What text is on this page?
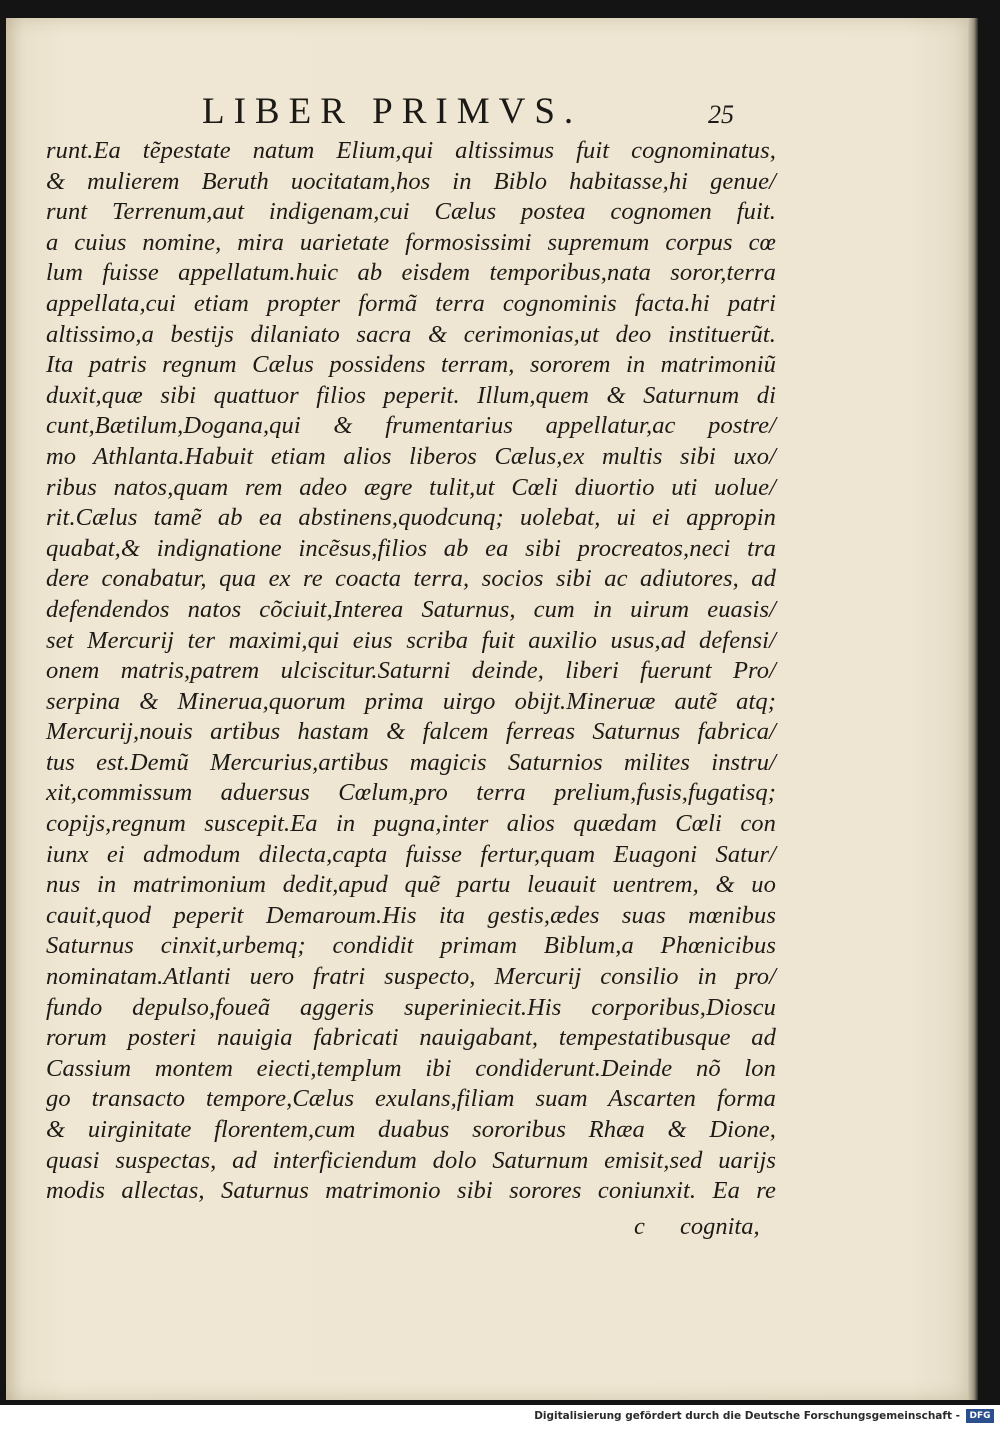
LIBER PRIMVS.	25
runt.Ea tẽpestate natum Elium,qui altissimus fuit cognominatus,
& mulierem Beruth uocitatam,hos in Biblo habitasse,hi genue/
runt Terrenum,aut indigenam,cui Cælus postea cognomen fuit.
a cuius nomine, mira uarietate formosissimi supremum corpus cœ
lum fuisse appellatum.huic ab eisdem temporibus,nata soror,terra
appellata,cui etiam propter formã terra cognominis facta.hi patri
altissimo,a bestijs dilaniato sacra & cerimonias,ut deo instituerũt.
Ita patris regnum Cælus possidens terram, sororem in matrimoniũ
duxit,quæ sibi quattuor filios peperit. Illum,quem & Saturnum di
cunt,Bætilum,Dogana,qui & frumentarius appellatur,ac postre/
mo Athlanta.Habuit etiam alios liberos Cælus,ex multis sibi uxo/
ribus natos,quam rem adeo ægre tulit,ut Cœli diuortio uti uolue/
rit.Cælus tamẽ ab ea abstinens,quodcunq; uolebat, ui ei appropin
quabat,& indignatione incẽsus,filios ab ea sibi procreatos,neci tra
dere conabatur, qua ex re coacta terra, socios sibi ac adiutores, ad
defendendos natos cõciuit,Interea Saturnus, cum in uirum euasis/
set Mercurij ter maximi,qui eius scriba fuit auxilio usus,ad defensi/
onem matris,patrem ulciscitur.Saturni deinde, liberi fuerunt Pro/
serpina & Minerua,quorum prima uirgo obijt.Mineruæ autẽ atq;
Mercurij,nouis artibus hastam & falcem ferreas Saturnus fabrica/
tus est.Demũ Mercurius,artibus magicis Saturnios milites instru/
xit,commissum aduersus Cœlum,pro terra prelium,fusis,fugatisq;
copijs,regnum suscepit.Ea in pugna,inter alios quædam Cœli con
iunx ei admodum dilecta,capta fuisse fertur,quam Euagoni Satur/
nus in matrimonium dedit,apud quẽ partu leuauit uentrem, & uo
cauit,quod peperit Demaroum.His ita gestis,ædes suas mœnibus
Saturnus cinxit,urbemq; condidit primam Biblum,a Phœnicibus
nominatam.Atlanti uero fratri suspecto, Mercurij consilio in pro/
fundo depulso,foueã aggeris superiniecit.His corporibus,Dioscu
rorum posteri nauigia fabricati nauigabant, tempestatibusque ad
Cassium montem eiecti,templum ibi condiderunt.Deinde nõ lon
go transacto tempore,Cælus exulans,filiam suam Ascarten forma
& uirginitate florentem,cum duabus sororibus Rhæa & Dione,
quasi suspectas, ad interficiendum dolo Saturnum emisit,sed uarijs
modis allectas, Saturnus matrimonio sibi sorores coniunxit. Ea re
c cognita,
Digitalisierung gefördert durch die Deutsche Forschungsgemeinschaft -	DFG
